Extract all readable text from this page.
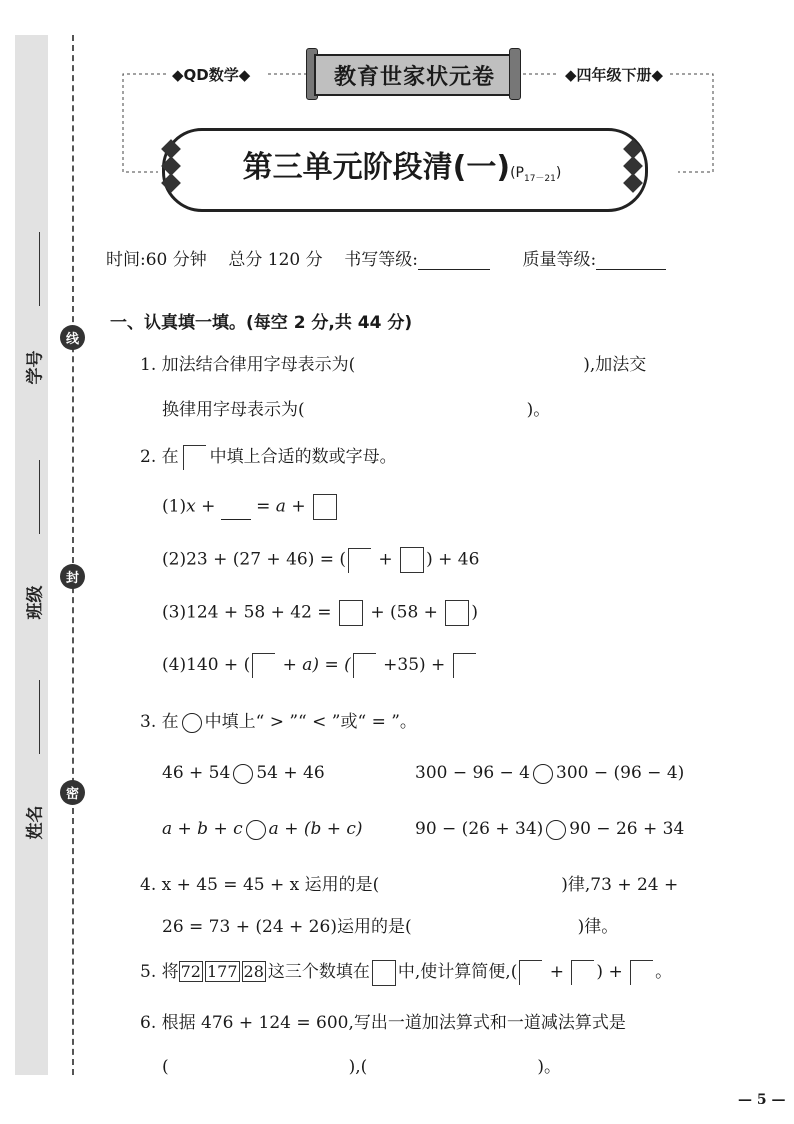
学号
班级
姓名
线
封
密
◆QD数学◆	◆四年级下册◆
教育世家状元卷
第三单元阶段清(一)$(P_{17-21})$
时间:60 分钟 总分 120 分 书写等级:	质量等级:
一、认真填一填。(每空 2 分,共 44 分)
1. 加法结合律用字母表示为(	),加法交
换律用字母表示为(	)。
2. 在 中填上合适的数或字母。
(1)x +  = a +
(2)23 + (27 + 46) = ( + ) + 46
(3)124 + 58 + 42 =  + (58 + )
(4)140 + ( + a) = ( +35) +
3. 在 中填上“ > ”“ < ”或“ = ”。
46 + 54 54 + 46	300 − 96 − 4 300 − (96 − 4)
a + b + c a + (b + c)	90 − (26 + 34) 90 − 26 + 34
4. x + 45 = 45 + x 运用的是(	)律,73 + 24 +
26 = 73 + (24 + 26)运用的是(	)律。
5. 将 72 177 28 这三个数填在 中,使计算简便,( + ) + 。
6. 根据 476 + 124 = 600,写出一道加法算式和一道减法算式是
(	),(	)。
— 5 —
